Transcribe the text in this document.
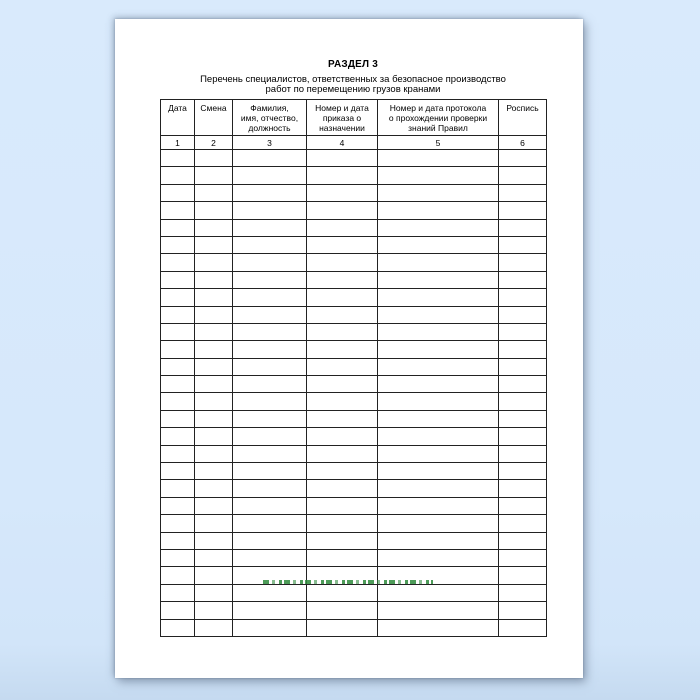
РАЗДЕЛ 3
Перечень специалистов, ответственных за безопасное производство
работ по перемещению грузов кранами
Дата	Смена	Фамилия,
имя, отчество,
должность	Номер и дата
приказа о
назначении	Номер и дата протокола
о прохождении проверки
знаний Правил	Роспись
1	2	3	4	5	6
